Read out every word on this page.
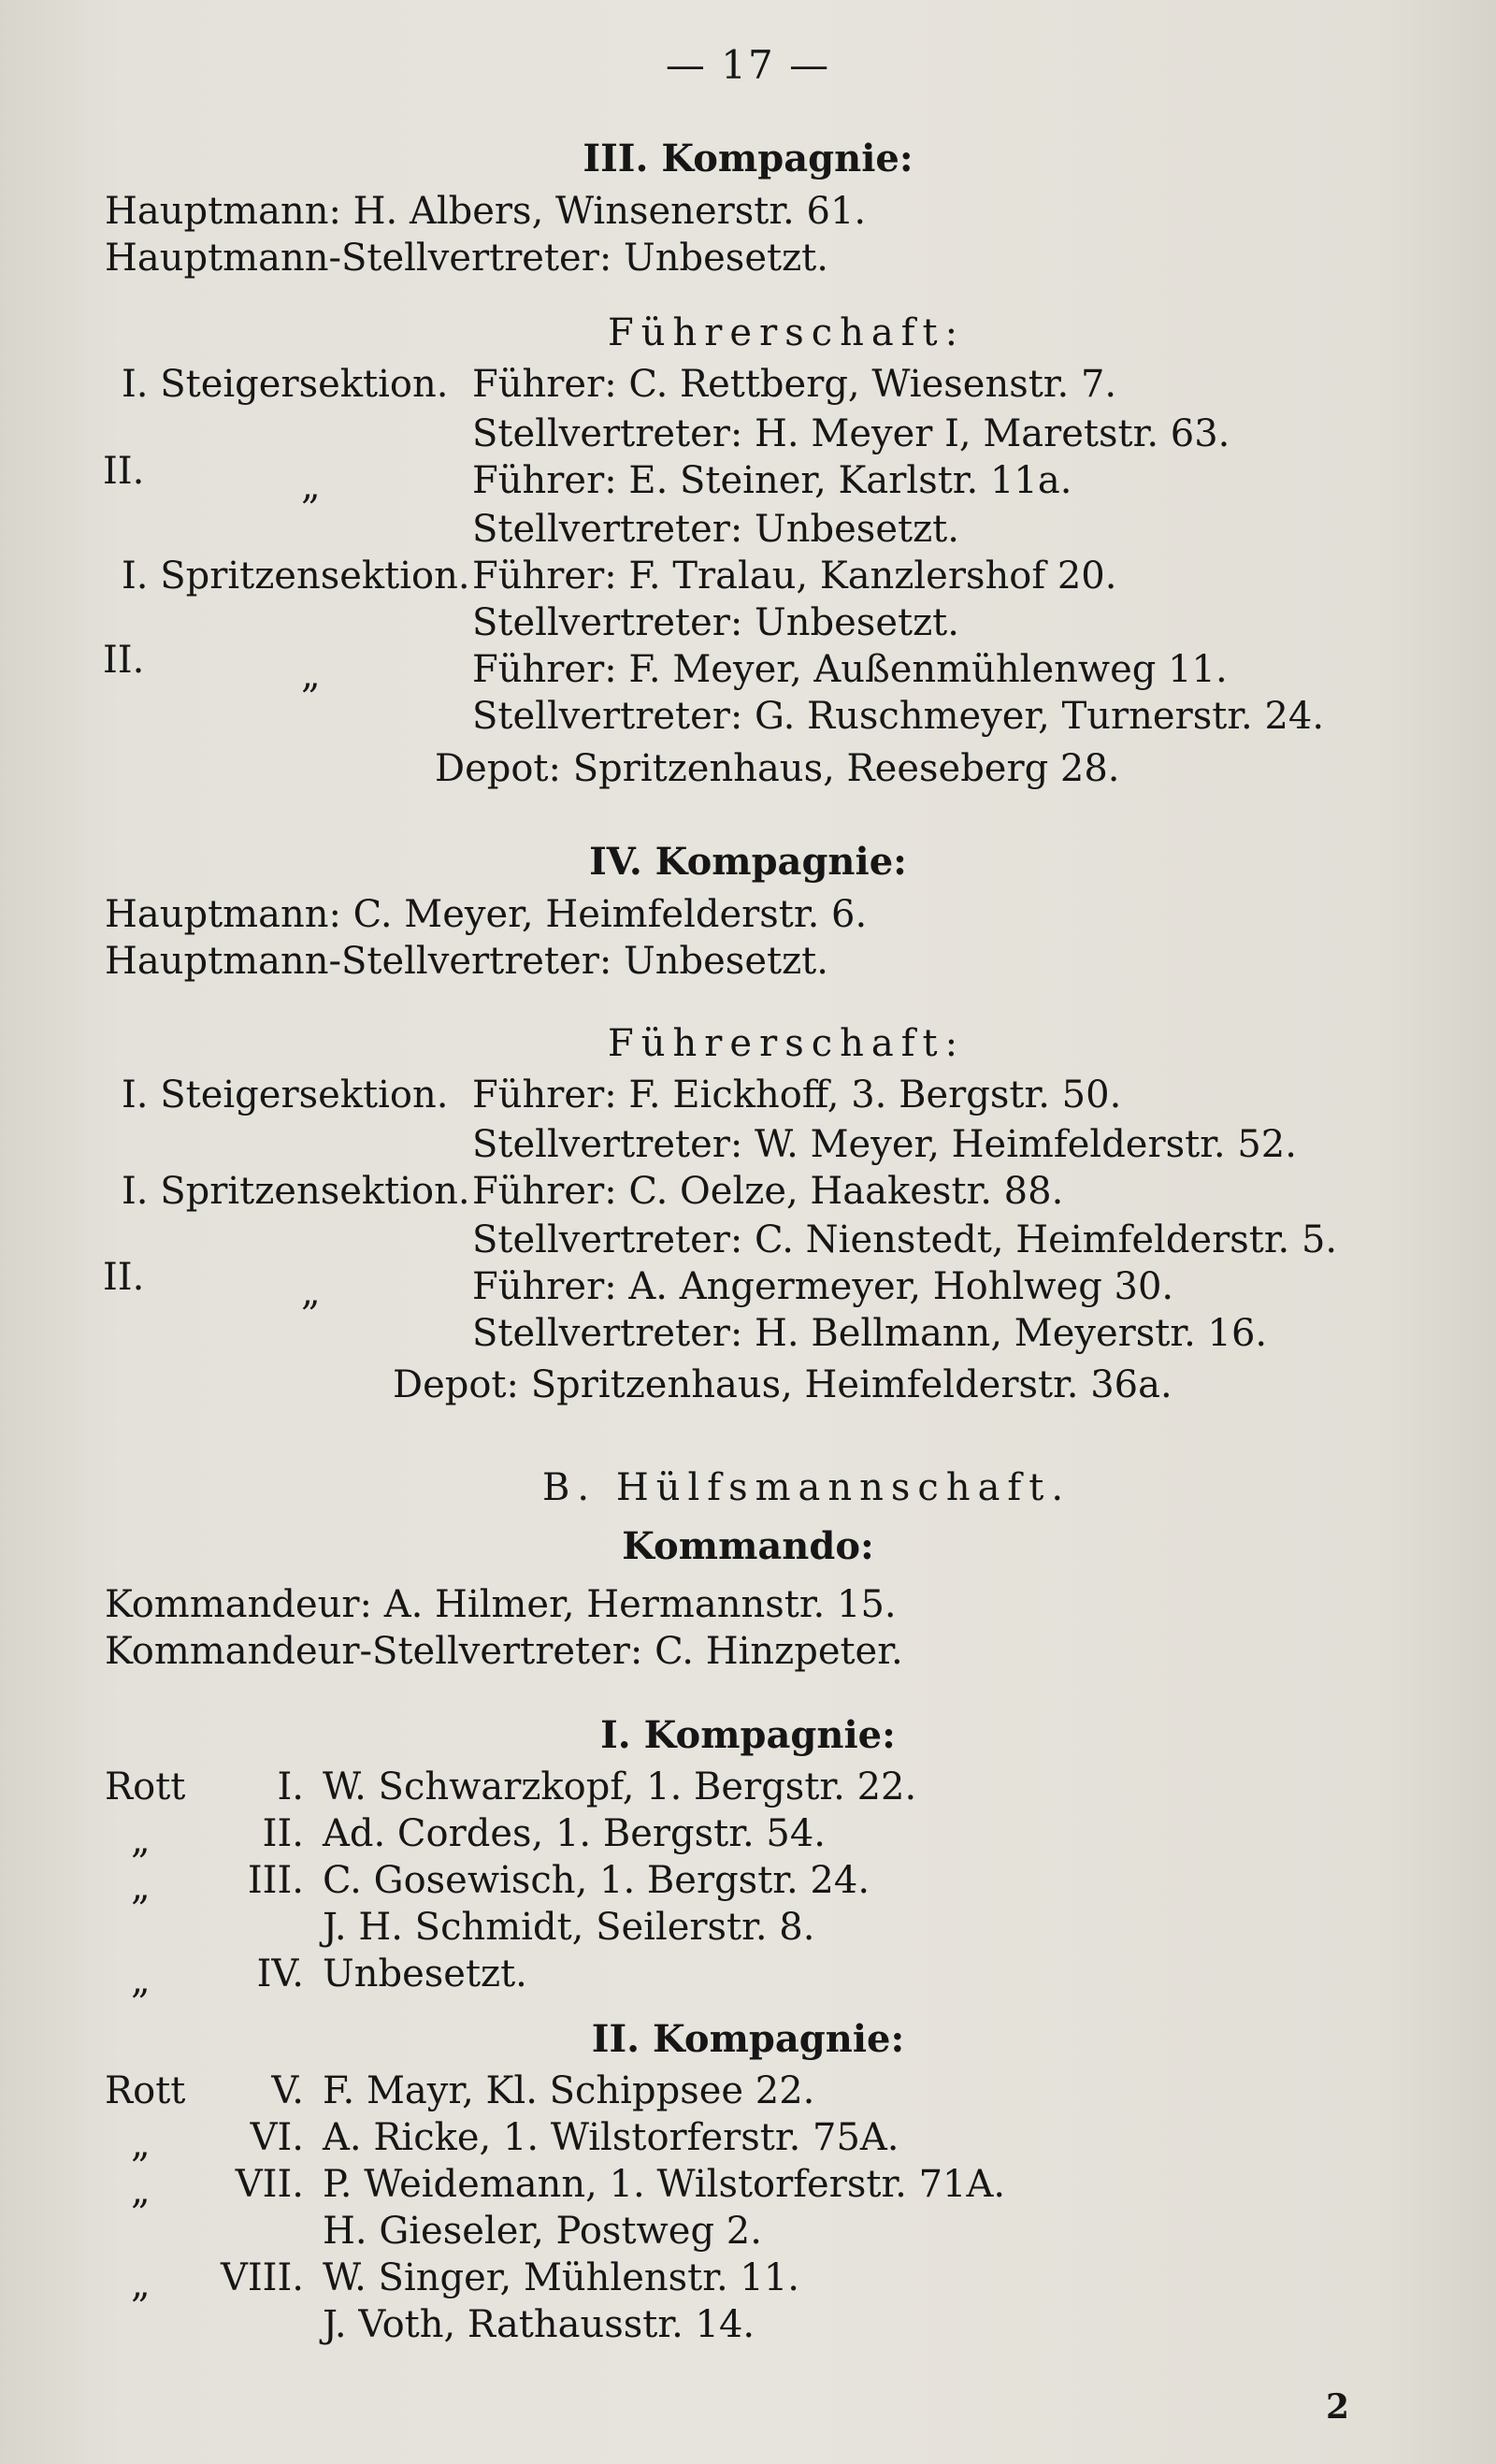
— 17 —
III. Kompagnie:
Hauptmann: H. Albers, Winsenerstr. 61.
Hauptmann-Stellvertreter: Unbesetzt.
Führerschaft:
I. Steigersektion. Führer: C. Rettberg, Wiesenstr. 7.
Stellvertreter: H. Meyer I, Maretstr. 63.
II.	„	Führer: E. Steiner, Karlstr. 11a.
Stellvertreter: Unbesetzt.
I. Spritzensektion. Führer: F. Tralau, Kanzlershof 20.
Stellvertreter: Unbesetzt.
II.	„	Führer: F. Meyer, Außenmühlenweg 11.
Stellvertreter: G. Ruschmeyer, Turnerstr. 24.
Depot: Spritzenhaus, Reeseberg 28.
IV. Kompagnie:
Hauptmann: C. Meyer, Heimfelderstr. 6.
Hauptmann-Stellvertreter: Unbesetzt.
Führerschaft:
I. Steigersektion. Führer: F. Eickhoff, 3. Bergstr. 50.
Stellvertreter: W. Meyer, Heimfelderstr. 52.
I. Spritzensektion. Führer: C. Oelze, Haakestr. 88.
Stellvertreter: C. Nienstedt, Heimfelderstr. 5.
II.	„	Führer: A. Angermeyer, Hohlweg 30.
Stellvertreter: H. Bellmann, Meyerstr. 16.
Depot: Spritzenhaus, Heimfelderstr. 36a.
B. Hülfsmannschaft.
Kommando:
Kommandeur: A. Hilmer, Hermannstr. 15.
Kommandeur-Stellvertreter: C. Hinzpeter.
I. Kompagnie:
Rott	I. W. Schwarzkopf, 1. Bergstr. 22.
„	II. Ad. Cordes, 1. Bergstr. 54.
„	III. C. Gosewisch, 1. Bergstr. 24.
J. H. Schmidt, Seilerstr. 8.
„	IV. Unbesetzt.
II. Kompagnie:
Rott	V. F. Mayr, Kl. Schippsee 22.
„	VI. A. Ricke, 1. Wilstorferstr. 75A.
„	VII. P. Weidemann, 1. Wilstorferstr. 71A.
H. Gieseler, Postweg 2.
„	VIII. W. Singer, Mühlenstr. 11.
J. Voth, Rathausstr. 14.
2
